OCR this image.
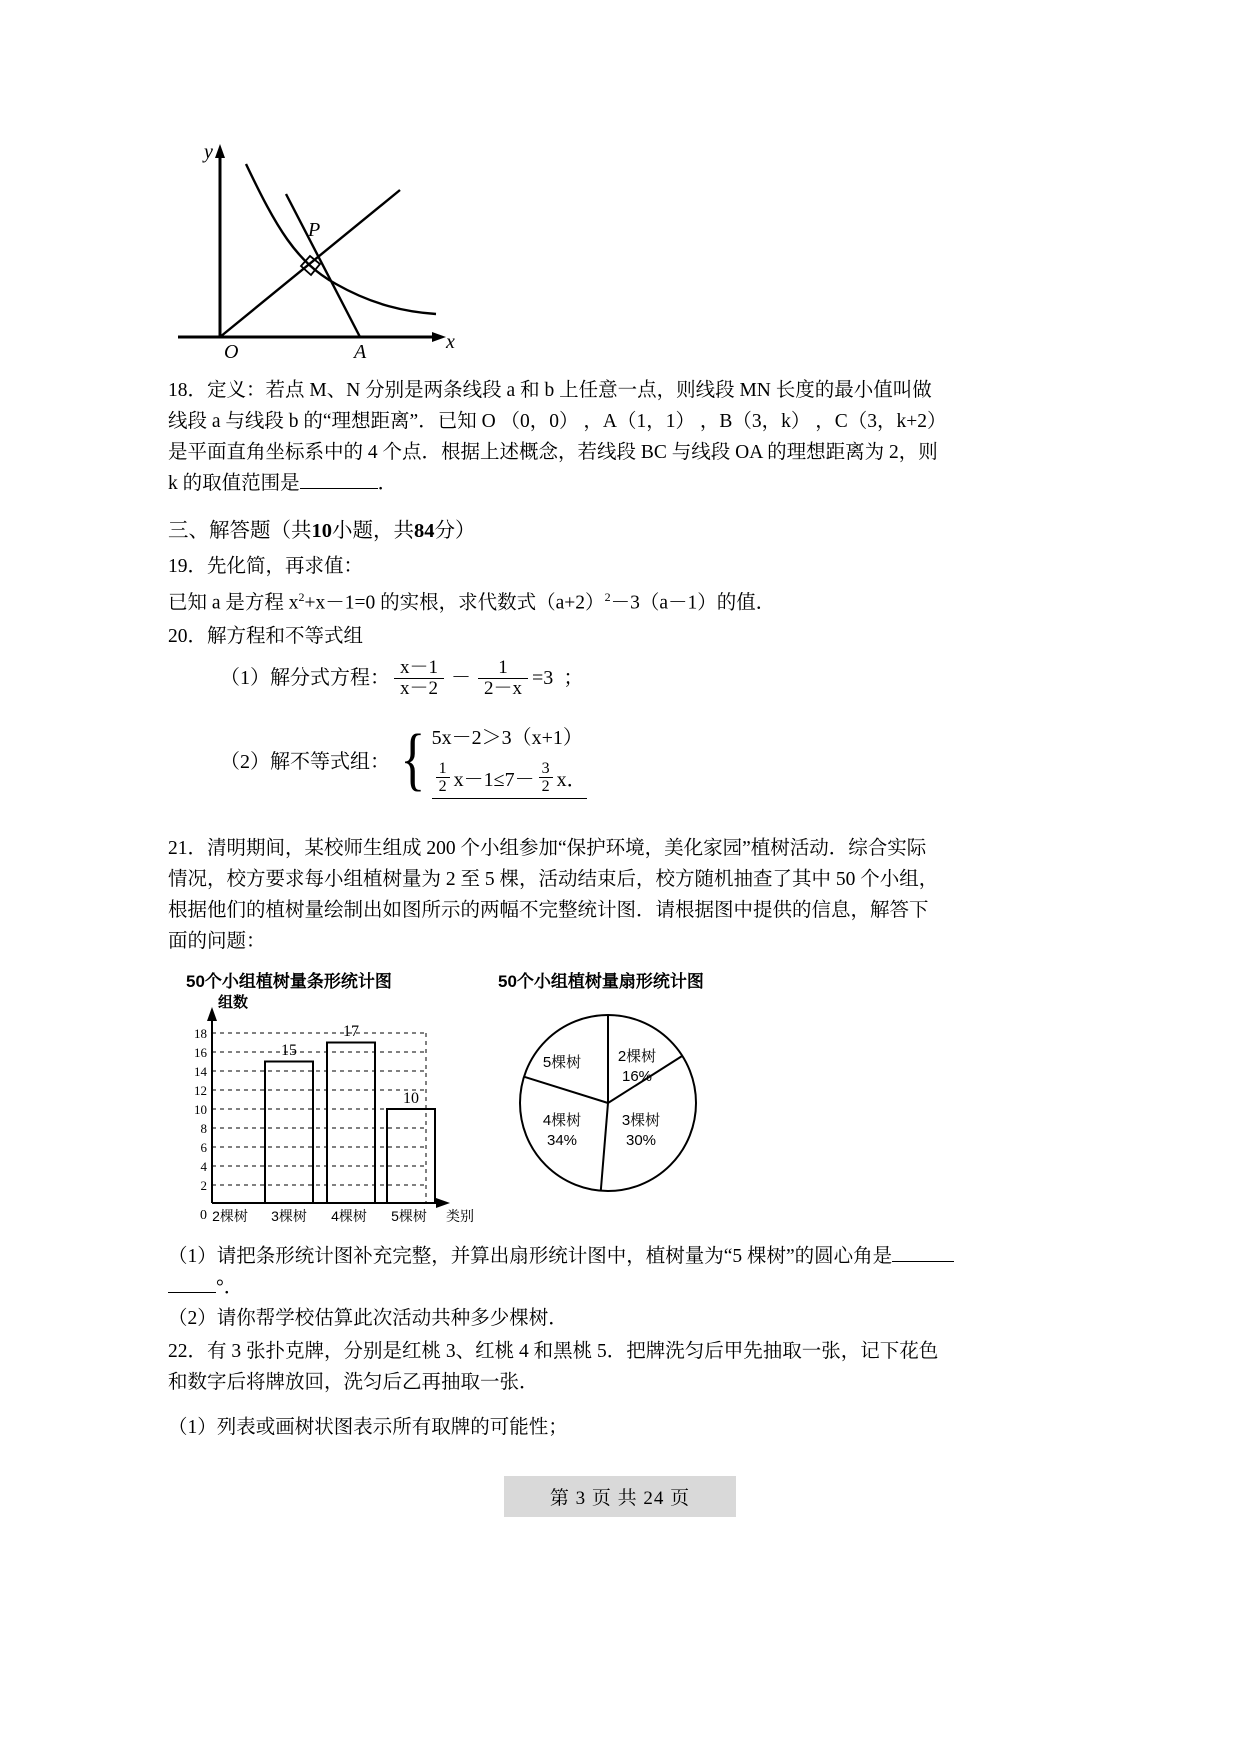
y
x
O
P
A

18．定义：若点 M、N 分别是两条线段 a 和 b 上任意一点，则线段 MN 长度的最小值叫做

线段 a 与线段 b 的“理想距离”．已知 O （0，0） ，A（1，1） ，B（3，k） ，C（3，k+2）

是平面直角坐标系中的 4 个点．根据上述概念，若线段 BC 与线段 OA 的理想距离为 2，则

k 的取值范围是	．

三、解答题（共10小题，共84分）

19．先化简，再求值：

已知 a 是方程 $x^2+x-1=0$ 的实根，求代数式$(a+2)^2-3(a-1)$的值．

20．解方程和不等式组

（1）解分式方程： $\frac{x-1}{x-2} - \frac{1}{2-x} =3$ ；
（2）解不等式组： { 5x－2＞3（x+1）
$\frac{1}{2} x-1\le 7- \frac{3}{2}$ x．

21．清明期间，某校师生组成 200 个小组参加“保护环境，美化家园”植树活动．综合实际

情况，校方要求每小组植树量为 2 至 5 棵，活动结束后，校方随机抽查了其中 50 个小组，

根据他们的植树量绘制出如图所示的两幅不完整统计图．请根据图中提供的信息，解答下

面的问题：

50个小组植树量条形统计图	50个小组植树量扇形统计图
2
4
6
8
10
12
14
16
18
0
组数
15
17
10
2棵树 3棵树 4棵树 5棵树 类别
2棵树
16%
3棵树
30%
4棵树
34%
5棵树

（1）请把条形统计图补充完整，并算出扇形统计图中，植树量为“5 棵树”的圆心角是

°．

（2）请你帮学校估算此次活动共种多少棵树．

22．有 3 张扑克牌，分别是红桃 3、红桃 4 和黑桃 5．把牌洗匀后甲先抽取一张，记下花色

和数字后将牌放回，洗匀后乙再抽取一张．

（1）列表或画树状图表示所有取牌的可能性；

第 3 页 共 24 页
